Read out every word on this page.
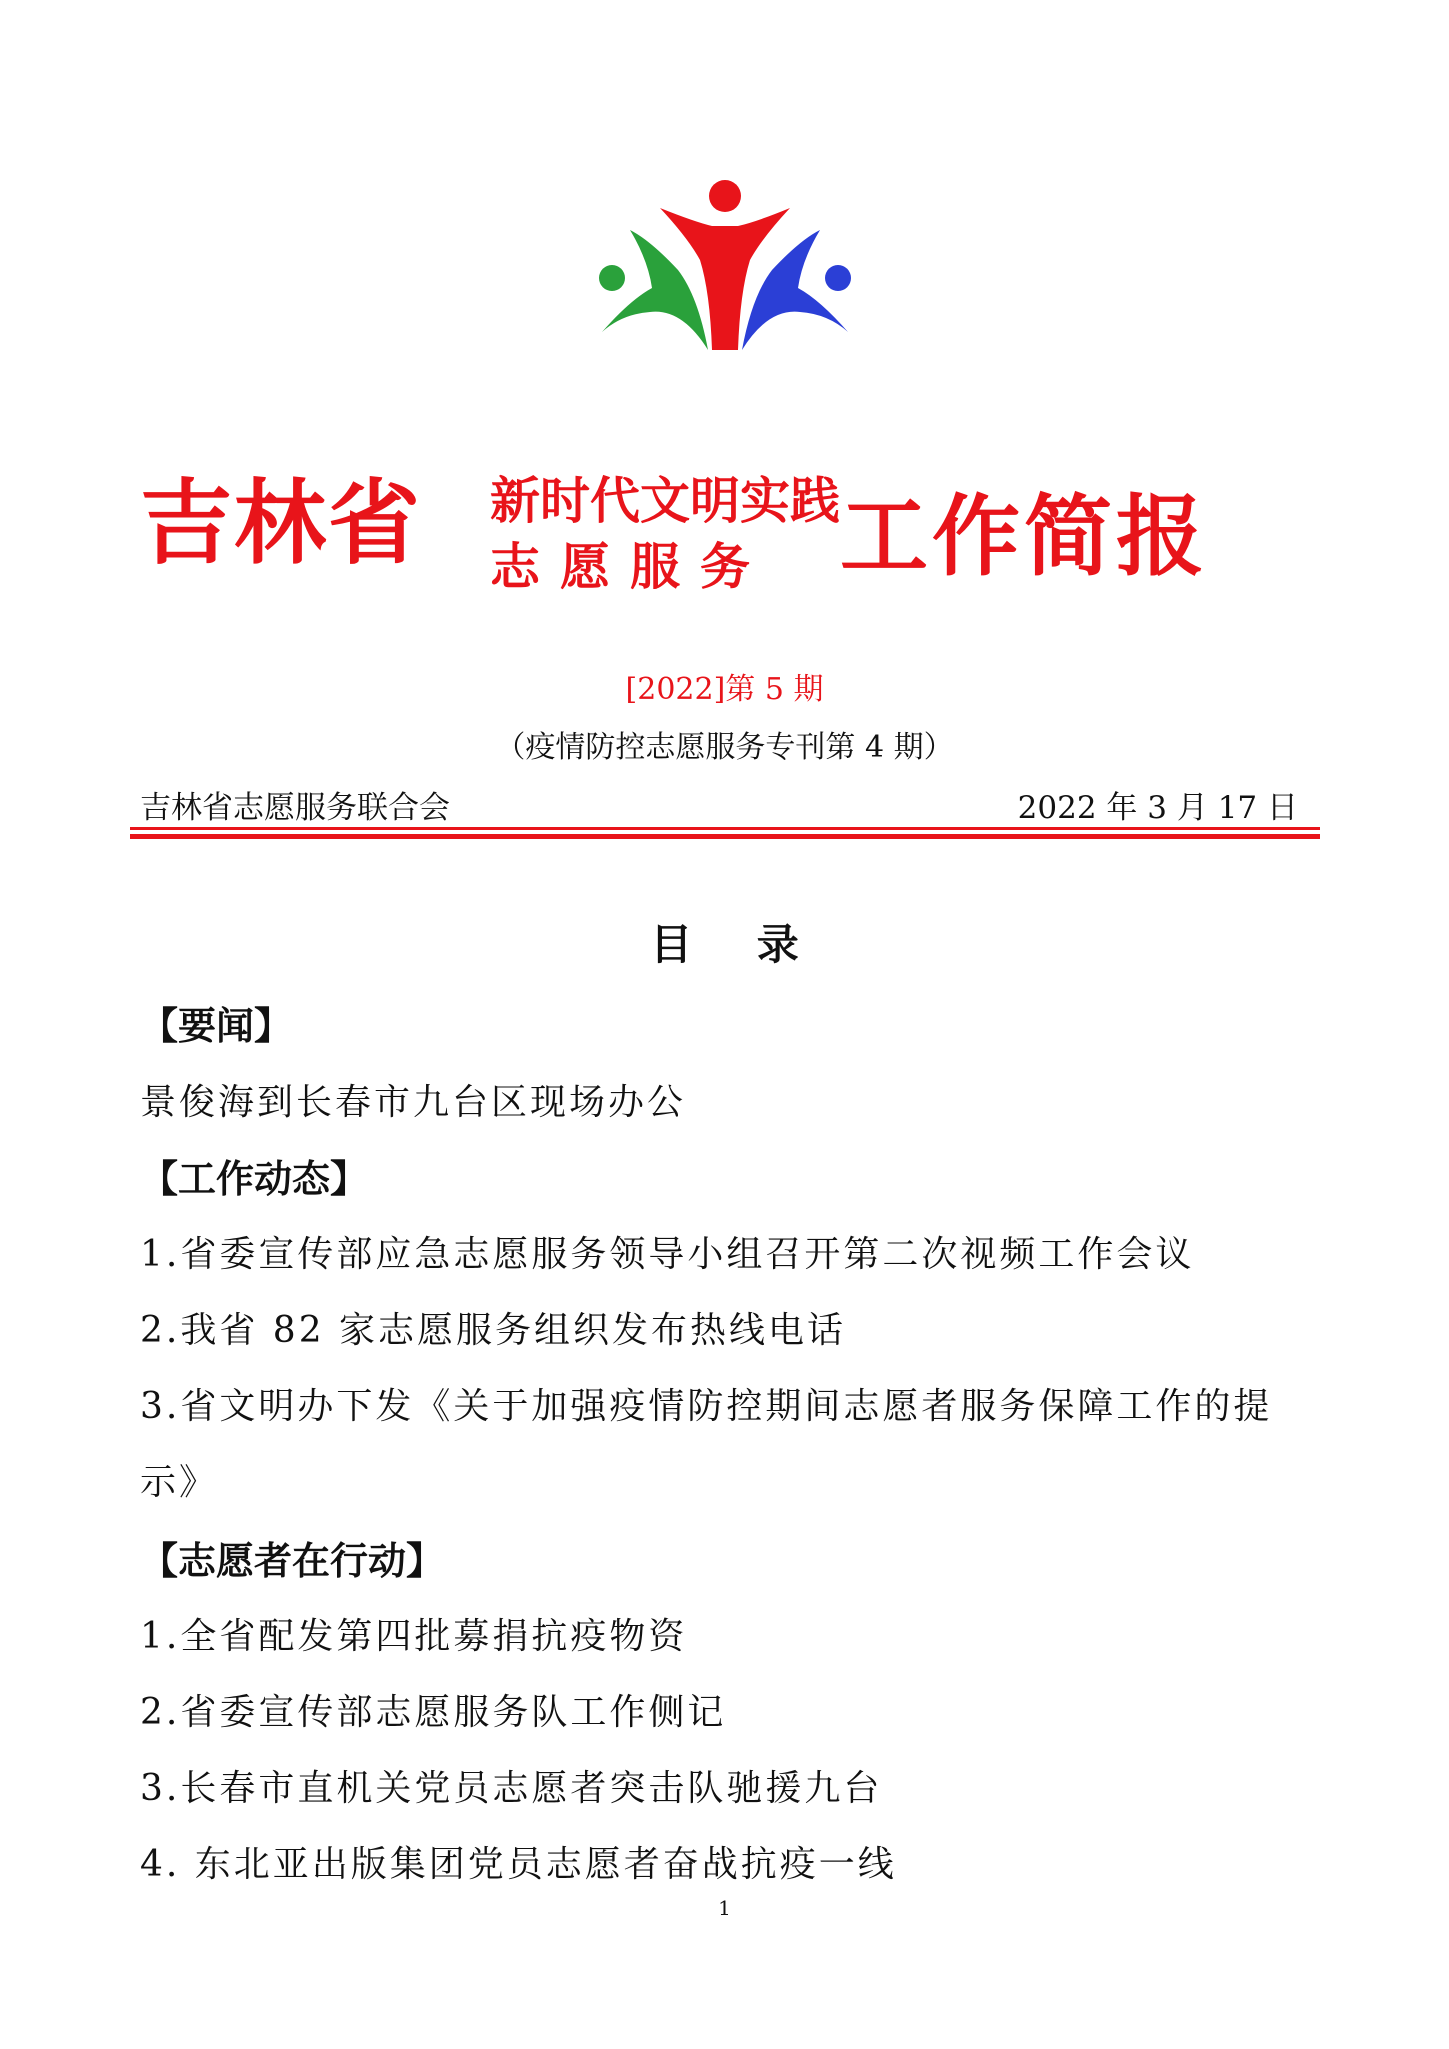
吉林省 新时代文明实践
志愿服务 工作简报
[2022]第 5 期
（疫情防控志愿服务专刊第 4 期）
吉林省志愿服务联合会	2022 年 3 月 17 日
目 录
【要闻】
景俊海到长春市九台区现场办公
【工作动态】
1.省委宣传部应急志愿服务领导小组召开第二次视频工作会议
2.我省 82 家志愿服务组织发布热线电话
3.省文明办下发《关于加强疫情防控期间志愿者服务保障工作的提
示》
【志愿者在行动】
1.全省配发第四批募捐抗疫物资
2.省委宣传部志愿服务队工作侧记
3.长春市直机关党员志愿者突击队驰援九台
4. 东北亚出版集团党员志愿者奋战抗疫一线
1
